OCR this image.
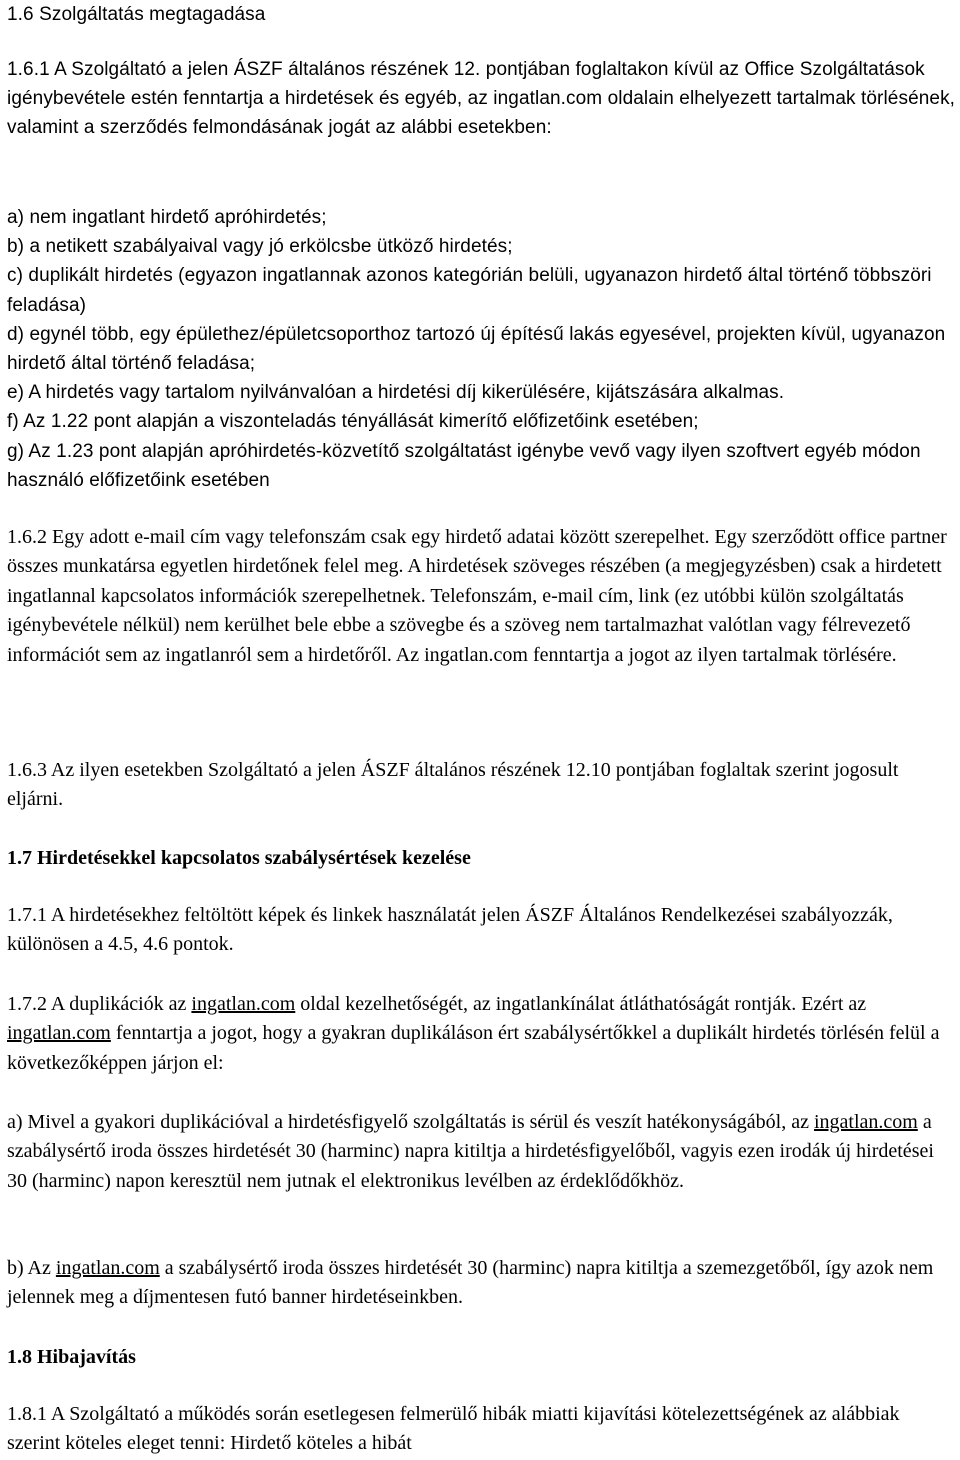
1.6 Szolgáltatás megtagadása

1.6.1 A Szolgáltató a jelen ÁSZF általános részének 12. pontjában foglaltakon kívül az Office Szolgáltatások igénybevétele estén fenntartja a hirdetések és egyéb, az ingatlan.com oldalain elhelyezett tartalmak törlésének, valamint a szerződés felmondásának jogát az alábbi esetekben:

a) nem ingatlant hirdető apróhirdetés;

b) a netikett szabályaival vagy jó erkölcsbe ütköző hirdetés;

c) duplikált hirdetés (egyazon ingatlannak azonos kategórián belüli, ugyanazon hirdető által történő többszöri feladása)

d) egynél több, egy épülethez/épületcsoporthoz tartozó új építésű lakás egyesével, projekten kívül, ugyanazon hirdető által történő feladása;

e) A hirdetés vagy tartalom nyilvánvalóan a hirdetési díj kikerülésére, kijátszására alkalmas.

f) Az 1.22 pont alapján a viszonteladás tényállását kimerítő előfizetőink esetében;

g) Az 1.23 pont alapján apróhirdetés-közvetítő szolgáltatást igénybe vevő vagy ilyen szoftvert egyéb módon használó előfizetőink esetében

1.6.2 Egy adott e-mail cím vagy telefonszám csak egy hirdető adatai között szerepelhet. Egy szerződött office partner összes munkatársa egyetlen hirdetőnek felel meg. A hirdetések szöveges részében (a megjegyzésben) csak a hirdetett ingatlannal kapcsolatos információk szerepelhetnek. Telefonszám, e-mail cím, link (ez utóbbi külön szolgáltatás igénybevétele nélkül) nem kerülhet bele ebbe a szövegbe és a szöveg nem tartalmazhat valótlan vagy félrevezető információt sem az ingatlanról sem a hirdetőről. Az ingatlan.com fenntartja a jogot az ilyen tartalmak törlésére.

1.6.3 Az ilyen esetekben Szolgáltató a jelen ÁSZF általános részének 12.10 pontjában foglaltak szerint jogosult eljárni.

1.7 Hirdetésekkel kapcsolatos szabálysértések kezelése

1.7.1 A hirdetésekhez feltöltött képek és linkek használatát jelen ÁSZF Általános Rendelkezései szabályozzák, különösen a 4.5, 4.6 pontok.

1.7.2 A duplikációk az ingatlan.com oldal kezelhetőségét, az ingatlankínálat átláthatóságát rontják. Ezért az ingatlan.com fenntartja a jogot, hogy a gyakran duplikáláson ért szabálysértőkkel a duplikált hirdetés törlésén felül a következőképpen járjon el:

a) Mivel a gyakori duplikációval a hirdetésfigyelő szolgáltatás is sérül és veszít hatékonyságából, az ingatlan.com a szabálysértő iroda összes hirdetését 30 (harminc) napra kitiltja a hirdetésfigyelőből, vagyis ezen irodák új hirdetései 30 (harminc) napon keresztül nem jutnak el elektronikus levélben az érdeklődőkhöz.

b) Az ingatlan.com a szabálysértő iroda összes hirdetését 30 (harminc) napra kitiltja a szemezgetőből, így azok nem jelennek meg a díjmentesen futó banner hirdetéseinkben.

1.8 Hibajavítás

1.8.1 A Szolgáltató a működés során esetlegesen felmerülő hibák miatti kijavítási kötelezettségének az alábbiak szerint köteles eleget tenni: Hirdető köteles a hibát
